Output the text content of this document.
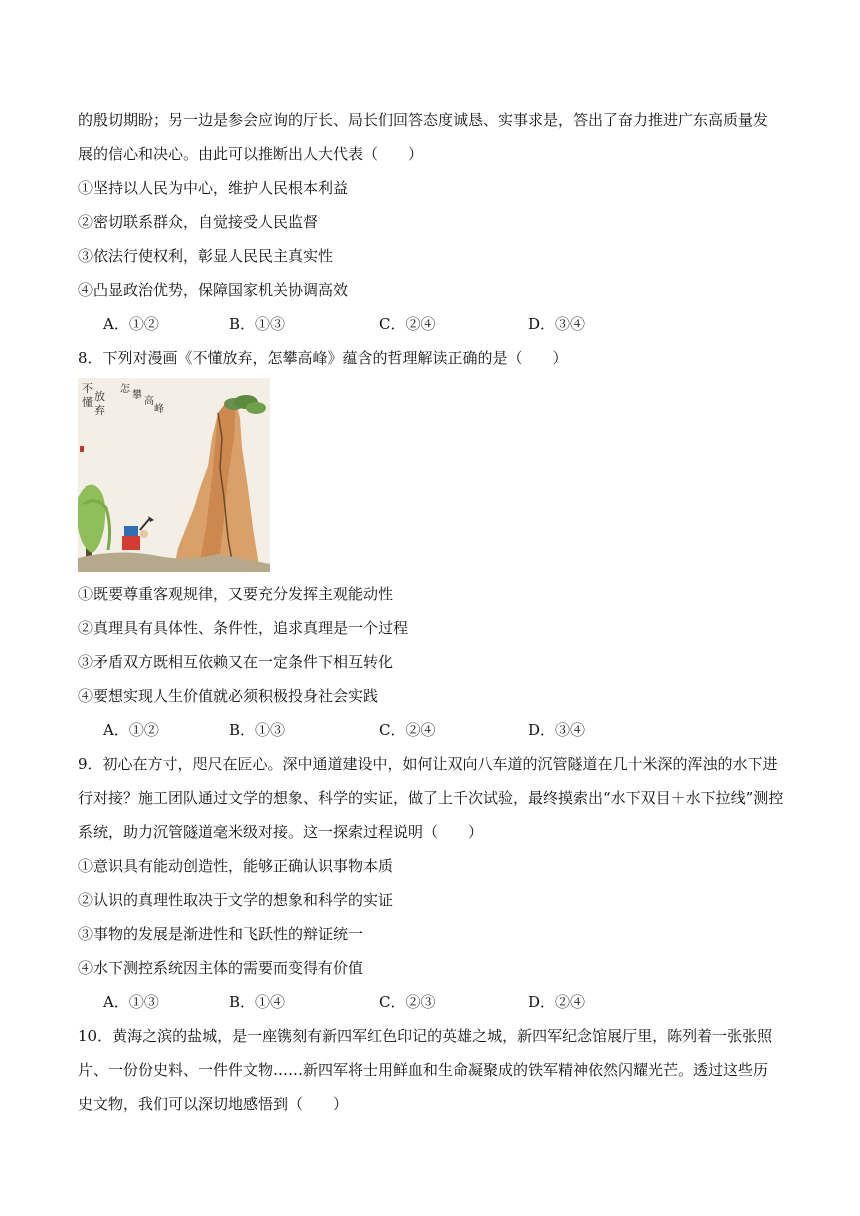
的殷切期盼；另一边是参会应询的厅长、局长们回答态度诚恳、实事求是，答出了奋力推进广东高质量发
展的信心和决心。由此可以推断出人大代表（　　）
①坚持以人民为中心，维护人民根本利益
②密切联系群众，自觉接受人民监督
③依法行使权利，彰显人民民主真实性
④凸显政治优势，保障国家机关协调高效
A．①②	B．①③	C．②④	D．③④
8．下列对漫画《不懂放弃，怎攀高峰》蕴含的哲理解读正确的是（　　）
不
懂 放
弃
怎
攀
高
峰
①既要尊重客观规律，又要充分发挥主观能动性
②真理具有具体性、条件性，追求真理是一个过程
③矛盾双方既相互依赖又在一定条件下相互转化
④要想实现人生价值就必须积极投身社会实践
A．①②	B．①③	C．②④	D．③④
9．初心在方寸，咫尺在匠心。深中通道建设中，如何让双向八车道的沉管隧道在几十米深的浑浊的水下进
行对接？施工团队通过文学的想象、科学的实证，做了上千次试验，最终摸索出“水下双目＋水下拉线”测控
系统，助力沉管隧道毫米级对接。这一探索过程说明（　　）
①意识具有能动创造性，能够正确认识事物本质
②认识的真理性取决于文学的想象和科学的实证
③事物的发展是渐进性和飞跃性的辩证统一
④水下测控系统因主体的需要而变得有价值
A．①③	B．①④	C．②③	D．②④
10．黄海之滨的盐城，是一座镌刻有新四军红色印记的英雄之城，新四军纪念馆展厅里，陈列着一张张照
片、一份份史料、一件件文物……新四军将士用鲜血和生命凝聚成的铁军精神依然闪耀光芒。透过这些历
史文物，我们可以深切地感悟到（　　）
